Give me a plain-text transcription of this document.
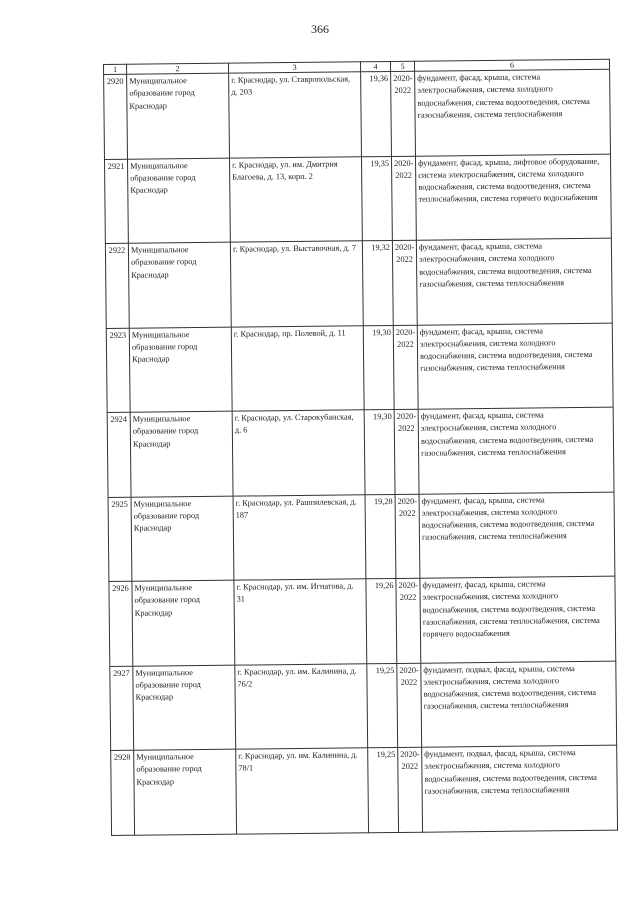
366
1	2	3	4	5	6
2920	Муниципальное образование город Краснодар	г. Краснодар, ул. Ставропольская, д. 203	19,36	2020-2022	фундамент, фасад, крыша, система электроснабжения, система холодного водоснабжения, система водоотведения, система газоснабжения, система теплоснабжения
2921	Муниципальное образование город Краснодар	г. Краснодар, ул. им. Дмитрия Благоева, д. 13, корп. 2	19,35	2020-2022	фундамент, фасад, крыша, лифтовое оборудование, система электроснабжения, система холодного водоснабжения, система водоотведения, система теплоснабжения, система горячего водоснабжения
2922	Муниципальное образование город Краснодар	г. Краснодар, ул. Выставочная, д. 7	19,32	2020-2022	фундамент, фасад, крыша, система электроснабжения, система холодного водоснабжения, система водоотведения, система газоснабжения, система теплоснабжения
2923	Муниципальное образование город Краснодар	г. Краснодар, пр. Полевой, д. 11	19,30	2020-2022	фундамент, фасад, крыша, система электроснабжения, система холодного водоснабжения, система водоотведения, система газоснабжения, система теплоснабжения
2924	Муниципальное образование город Краснодар	г. Краснодар, ул. Старокубанская, д. 6	19,30	2020-2022	фундамент, фасад, крыша, система электроснабжения, система холодного водоснабжения, система водоотведения, система газоснабжения, система теплоснабжения
2925	Муниципальное образование город Краснодар	г. Краснодар, ул. Рашпилевская, д. 187	19,28	2020-2022	фундамент, фасад, крыша, система электроснабжения, система холодного водоснабжения, система водоотведения, система газоснабжения, система теплоснабжения
2926	Муниципальное образование город Краснодар	г. Краснодар, ул. им. Игнатова, д. 31	19,26	2020-2022	фундамент, фасад, крыша, система электроснабжения, система холодного водоснабжения, система водоотведения, система газоснабжения, система теплоснабжения, система горячего водоснабжения
2927	Муниципальное образование город Краснодар	г. Краснодар, ул. им. Калинина, д. 76/2	19,25	2020-2022	фундамент, подвал, фасад, крыша, система электроснабжения, система холодного водоснабжения, система водоотведения, система газоснабжения, система теплоснабжения
2928	Муниципальное образование город Краснодар	г. Краснодар, ул. им. Калинина, д. 78/1	19,25	2020-2022	фундамент, подвал, фасад, крыша, система электроснабжения, система холодного водоснабжения, система водоотведения, система газоснабжения, система теплоснабжения
